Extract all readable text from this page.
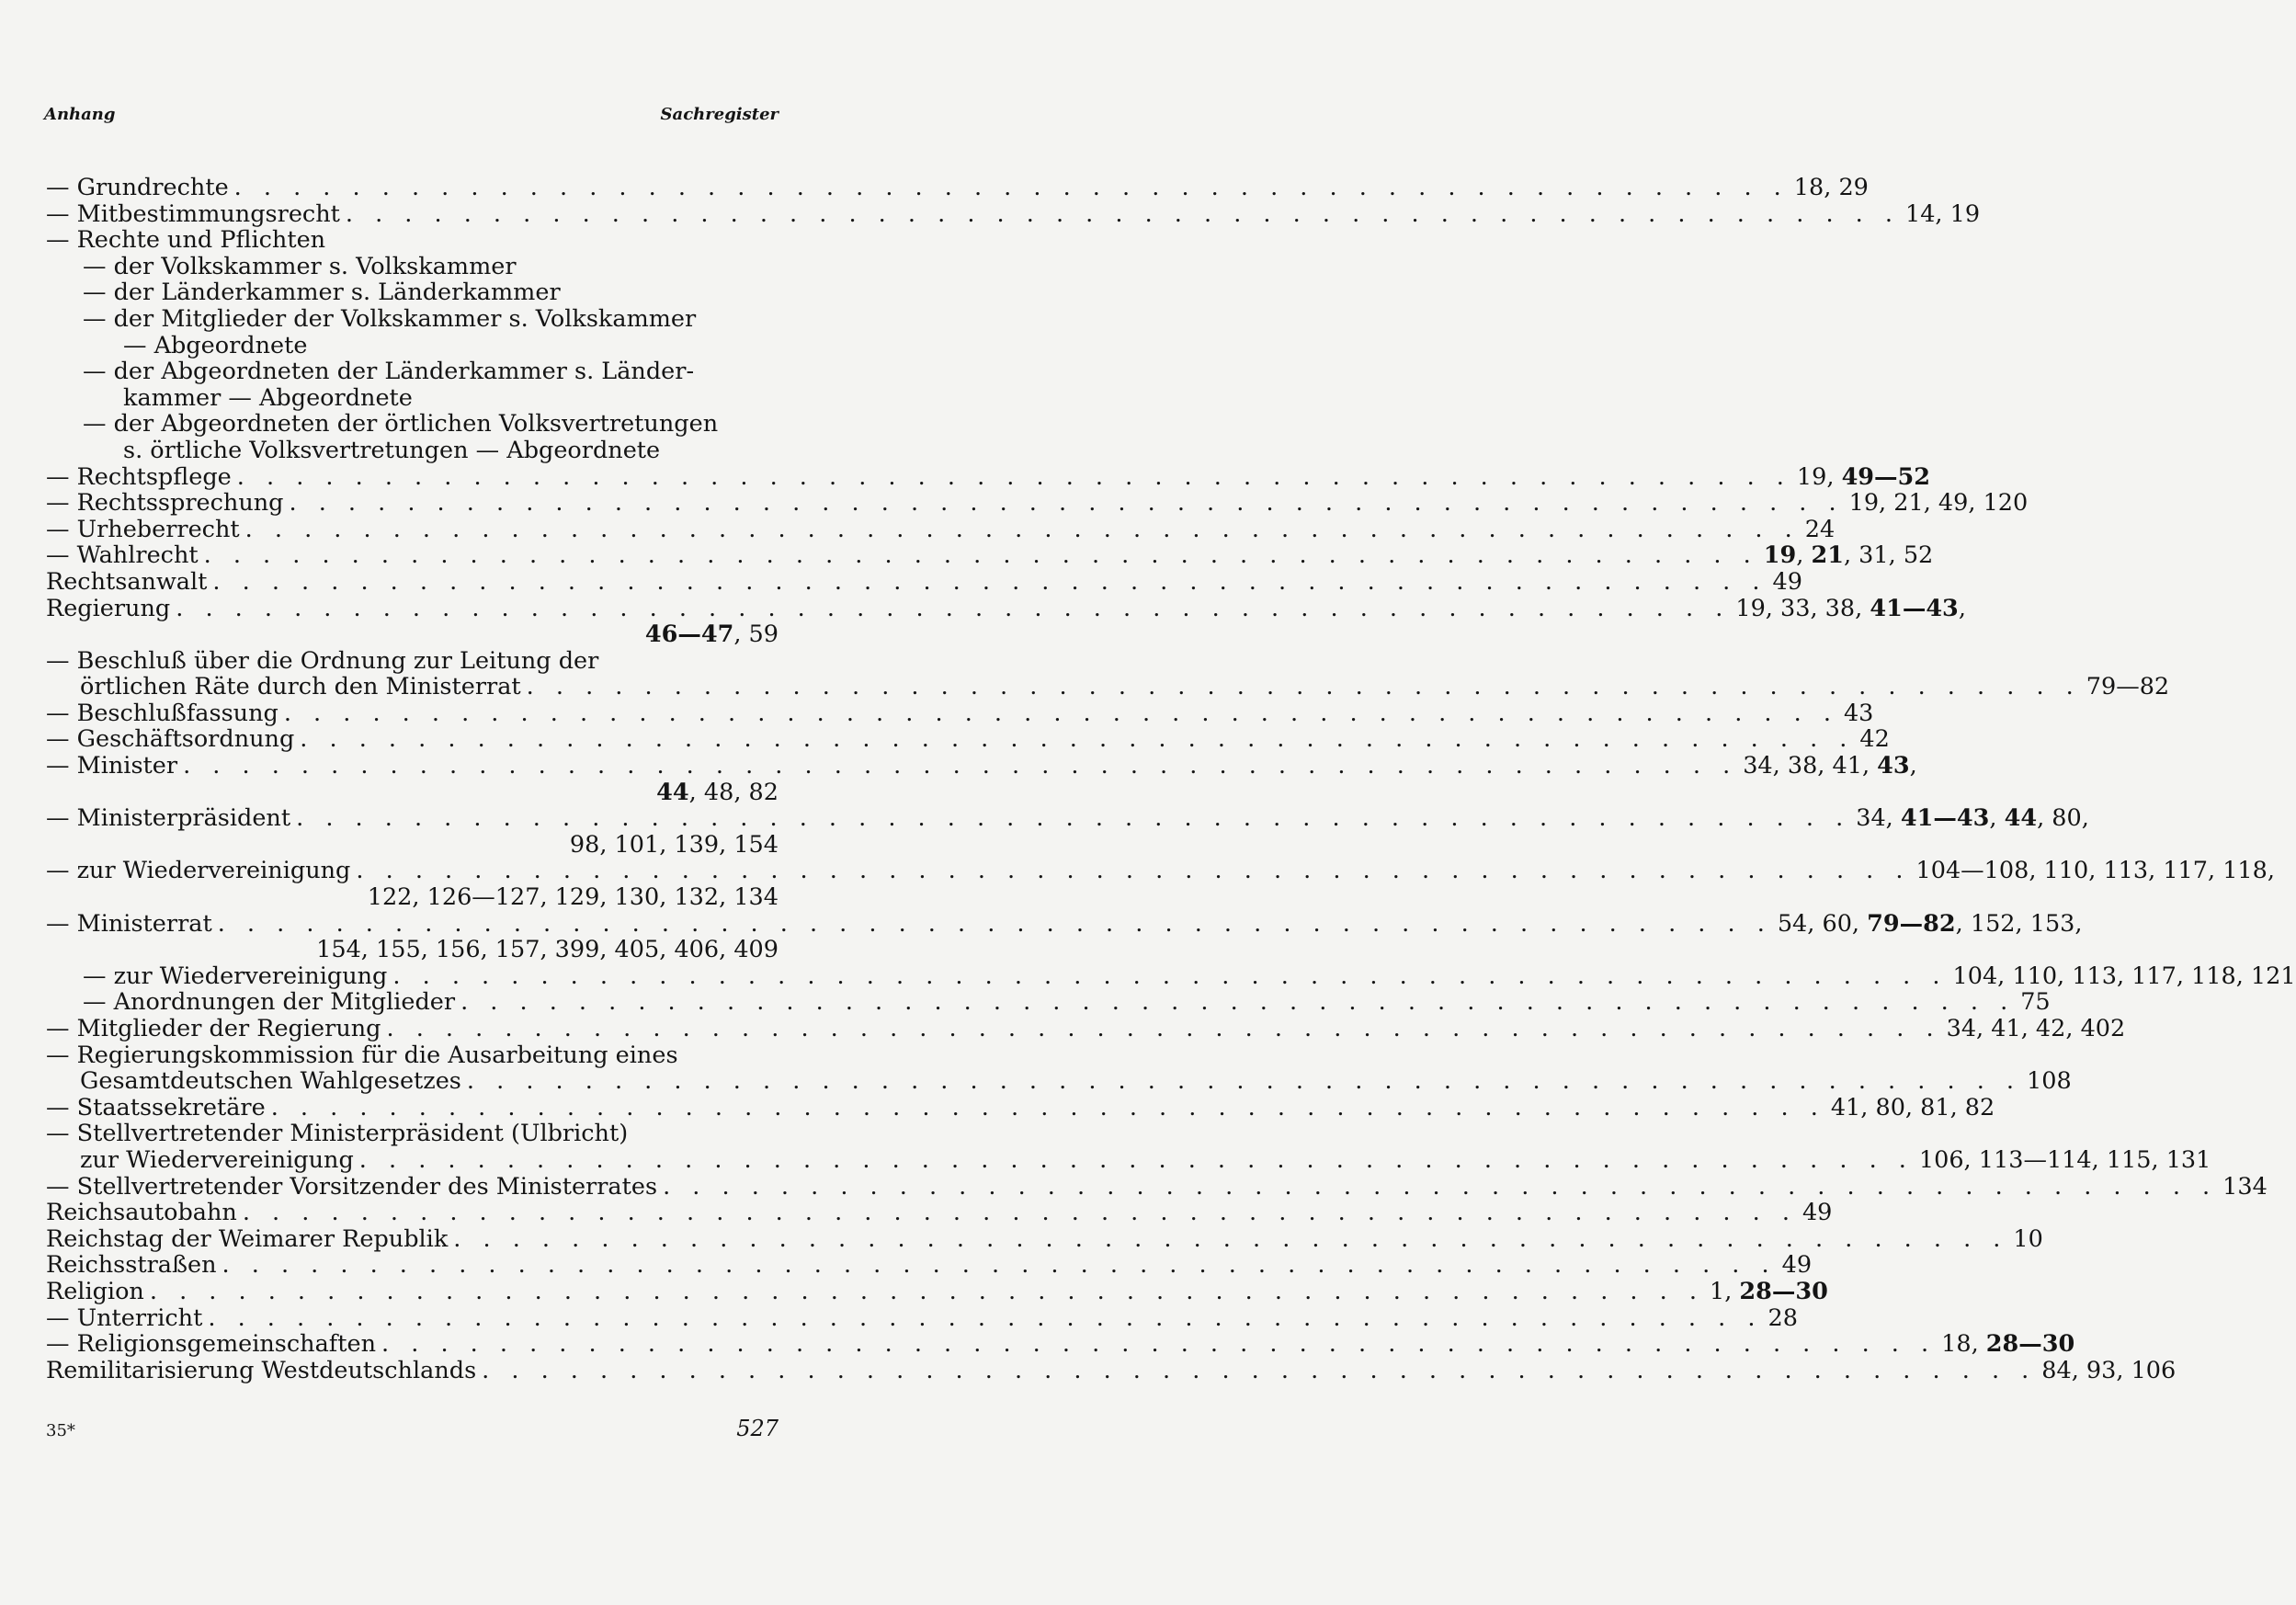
Anhang	Sachregister
— Grundrechte . . . . . . . . . . . . . . . . . . . . . . . . . . . . . . . . . . . . . . . . . . . . . . . . . . . . . 18, 29
— Mitbestimmungsrecht . . . . . . . . . . . . . . . . . . . . . . . . . . . . . . . . . . . . . . . . . . . . . . . . . . . . . 14, 19
— Rechte und Pflichten
— der Volkskammer s. Volkskammer
— der Länderkammer s. Länderkammer
— der Mitglieder der Volkskammer s. Volkskammer
— Abgeordnete
— der Abgeordneten der Länderkammer s. Länder-
kammer — Abgeordnete
— der Abgeordneten der örtlichen Volksvertretungen
s. örtliche Volksvertretungen — Abgeordnete
— Rechtspflege . . . . . . . . . . . . . . . . . . . . . . . . . . . . . . . . . . . . . . . . . . . . . . . . . . . . . 19, 49—52
— Rechtssprechung . . . . . . . . . . . . . . . . . . . . . . . . . . . . . . . . . . . . . . . . . . . . . . . . . . . . . 19, 21, 49, 120
— Urheberrecht . . . . . . . . . . . . . . . . . . . . . . . . . . . . . . . . . . . . . . . . . . . . . . . . . . . . . 24
— Wahlrecht . . . . . . . . . . . . . . . . . . . . . . . . . . . . . . . . . . . . . . . . . . . . . . . . . . . . . 19, 21, 31, 52
Rechtsanwalt . . . . . . . . . . . . . . . . . . . . . . . . . . . . . . . . . . . . . . . . . . . . . . . . . . . . . 49
Regierung . . . . . . . . . . . . . . . . . . . . . . . . . . . . . . . . . . . . . . . . . . . . . . . . . . . . . 19, 33, 38, 41—43,
46—47, 59
— Beschluß über die Ordnung zur Leitung der
örtlichen Räte durch den Ministerrat . . . . . . . . . . . . . . . . . . . . . . . . . . . . . . . . . . . . . . . . . . . . . . . . . . . . . 79—82
— Beschlußfassung . . . . . . . . . . . . . . . . . . . . . . . . . . . . . . . . . . . . . . . . . . . . . . . . . . . . . 43
— Geschäftsordnung . . . . . . . . . . . . . . . . . . . . . . . . . . . . . . . . . . . . . . . . . . . . . . . . . . . . . 42
— Minister . . . . . . . . . . . . . . . . . . . . . . . . . . . . . . . . . . . . . . . . . . . . . . . . . . . . . 34, 38, 41, 43,
44, 48, 82
— Ministerpräsident . . . . . . . . . . . . . . . . . . . . . . . . . . . . . . . . . . . . . . . . . . . . . . . . . . . . . 34, 41—43, 44, 80,
98, 101, 139, 154
— zur Wiedervereinigung . . . . . . . . . . . . . . . . . . . . . . . . . . . . . . . . . . . . . . . . . . . . . . . . . . . . . 104—108, 110, 113, 117, 118,
122, 126—127, 129, 130, 132, 134
— Ministerrat . . . . . . . . . . . . . . . . . . . . . . . . . . . . . . . . . . . . . . . . . . . . . . . . . . . . . 54, 60, 79—82, 152, 153,
154, 155, 156, 157, 399, 405, 406, 409
— zur Wiedervereinigung . . . . . . . . . . . . . . . . . . . . . . . . . . . . . . . . . . . . . . . . . . . . . . . . . . . . . 104, 110, 113, 117, 118, 121
— Anordnungen der Mitglieder . . . . . . . . . . . . . . . . . . . . . . . . . . . . . . . . . . . . . . . . . . . . . . . . . . . . . 75
— Mitglieder der Regierung . . . . . . . . . . . . . . . . . . . . . . . . . . . . . . . . . . . . . . . . . . . . . . . . . . . . . 34, 41, 42, 402
— Regierungskommission für die Ausarbeitung eines
Gesamtdeutschen Wahlgesetzes . . . . . . . . . . . . . . . . . . . . . . . . . . . . . . . . . . . . . . . . . . . . . . . . . . . . . 108
— Staatssekretäre . . . . . . . . . . . . . . . . . . . . . . . . . . . . . . . . . . . . . . . . . . . . . . . . . . . . . 41, 80, 81, 82
— Stellvertretender Ministerpräsident (Ulbricht)
zur Wiedervereinigung . . . . . . . . . . . . . . . . . . . . . . . . . . . . . . . . . . . . . . . . . . . . . . . . . . . . . 106, 113—114, 115, 131
— Stellvertretender Vorsitzender des Ministerrates . . . . . . . . . . . . . . . . . . . . . . . . . . . . . . . . . . . . . . . . . . . . . . . . . . . . . 134
Reichsautobahn . . . . . . . . . . . . . . . . . . . . . . . . . . . . . . . . . . . . . . . . . . . . . . . . . . . . . 49
Reichstag der Weimarer Republik . . . . . . . . . . . . . . . . . . . . . . . . . . . . . . . . . . . . . . . . . . . . . . . . . . . . . 10
Reichsstraßen . . . . . . . . . . . . . . . . . . . . . . . . . . . . . . . . . . . . . . . . . . . . . . . . . . . . . 49
Religion . . . . . . . . . . . . . . . . . . . . . . . . . . . . . . . . . . . . . . . . . . . . . . . . . . . . . 1, 28—30
— Unterricht . . . . . . . . . . . . . . . . . . . . . . . . . . . . . . . . . . . . . . . . . . . . . . . . . . . . . 28
— Religionsgemeinschaften . . . . . . . . . . . . . . . . . . . . . . . . . . . . . . . . . . . . . . . . . . . . . . . . . . . . . 18, 28—30
Remilitarisierung Westdeutschlands . . . . . . . . . . . . . . . . . . . . . . . . . . . . . . . . . . . . . . . . . . . . . . . . . . . . . 84, 93, 106
35*	527
